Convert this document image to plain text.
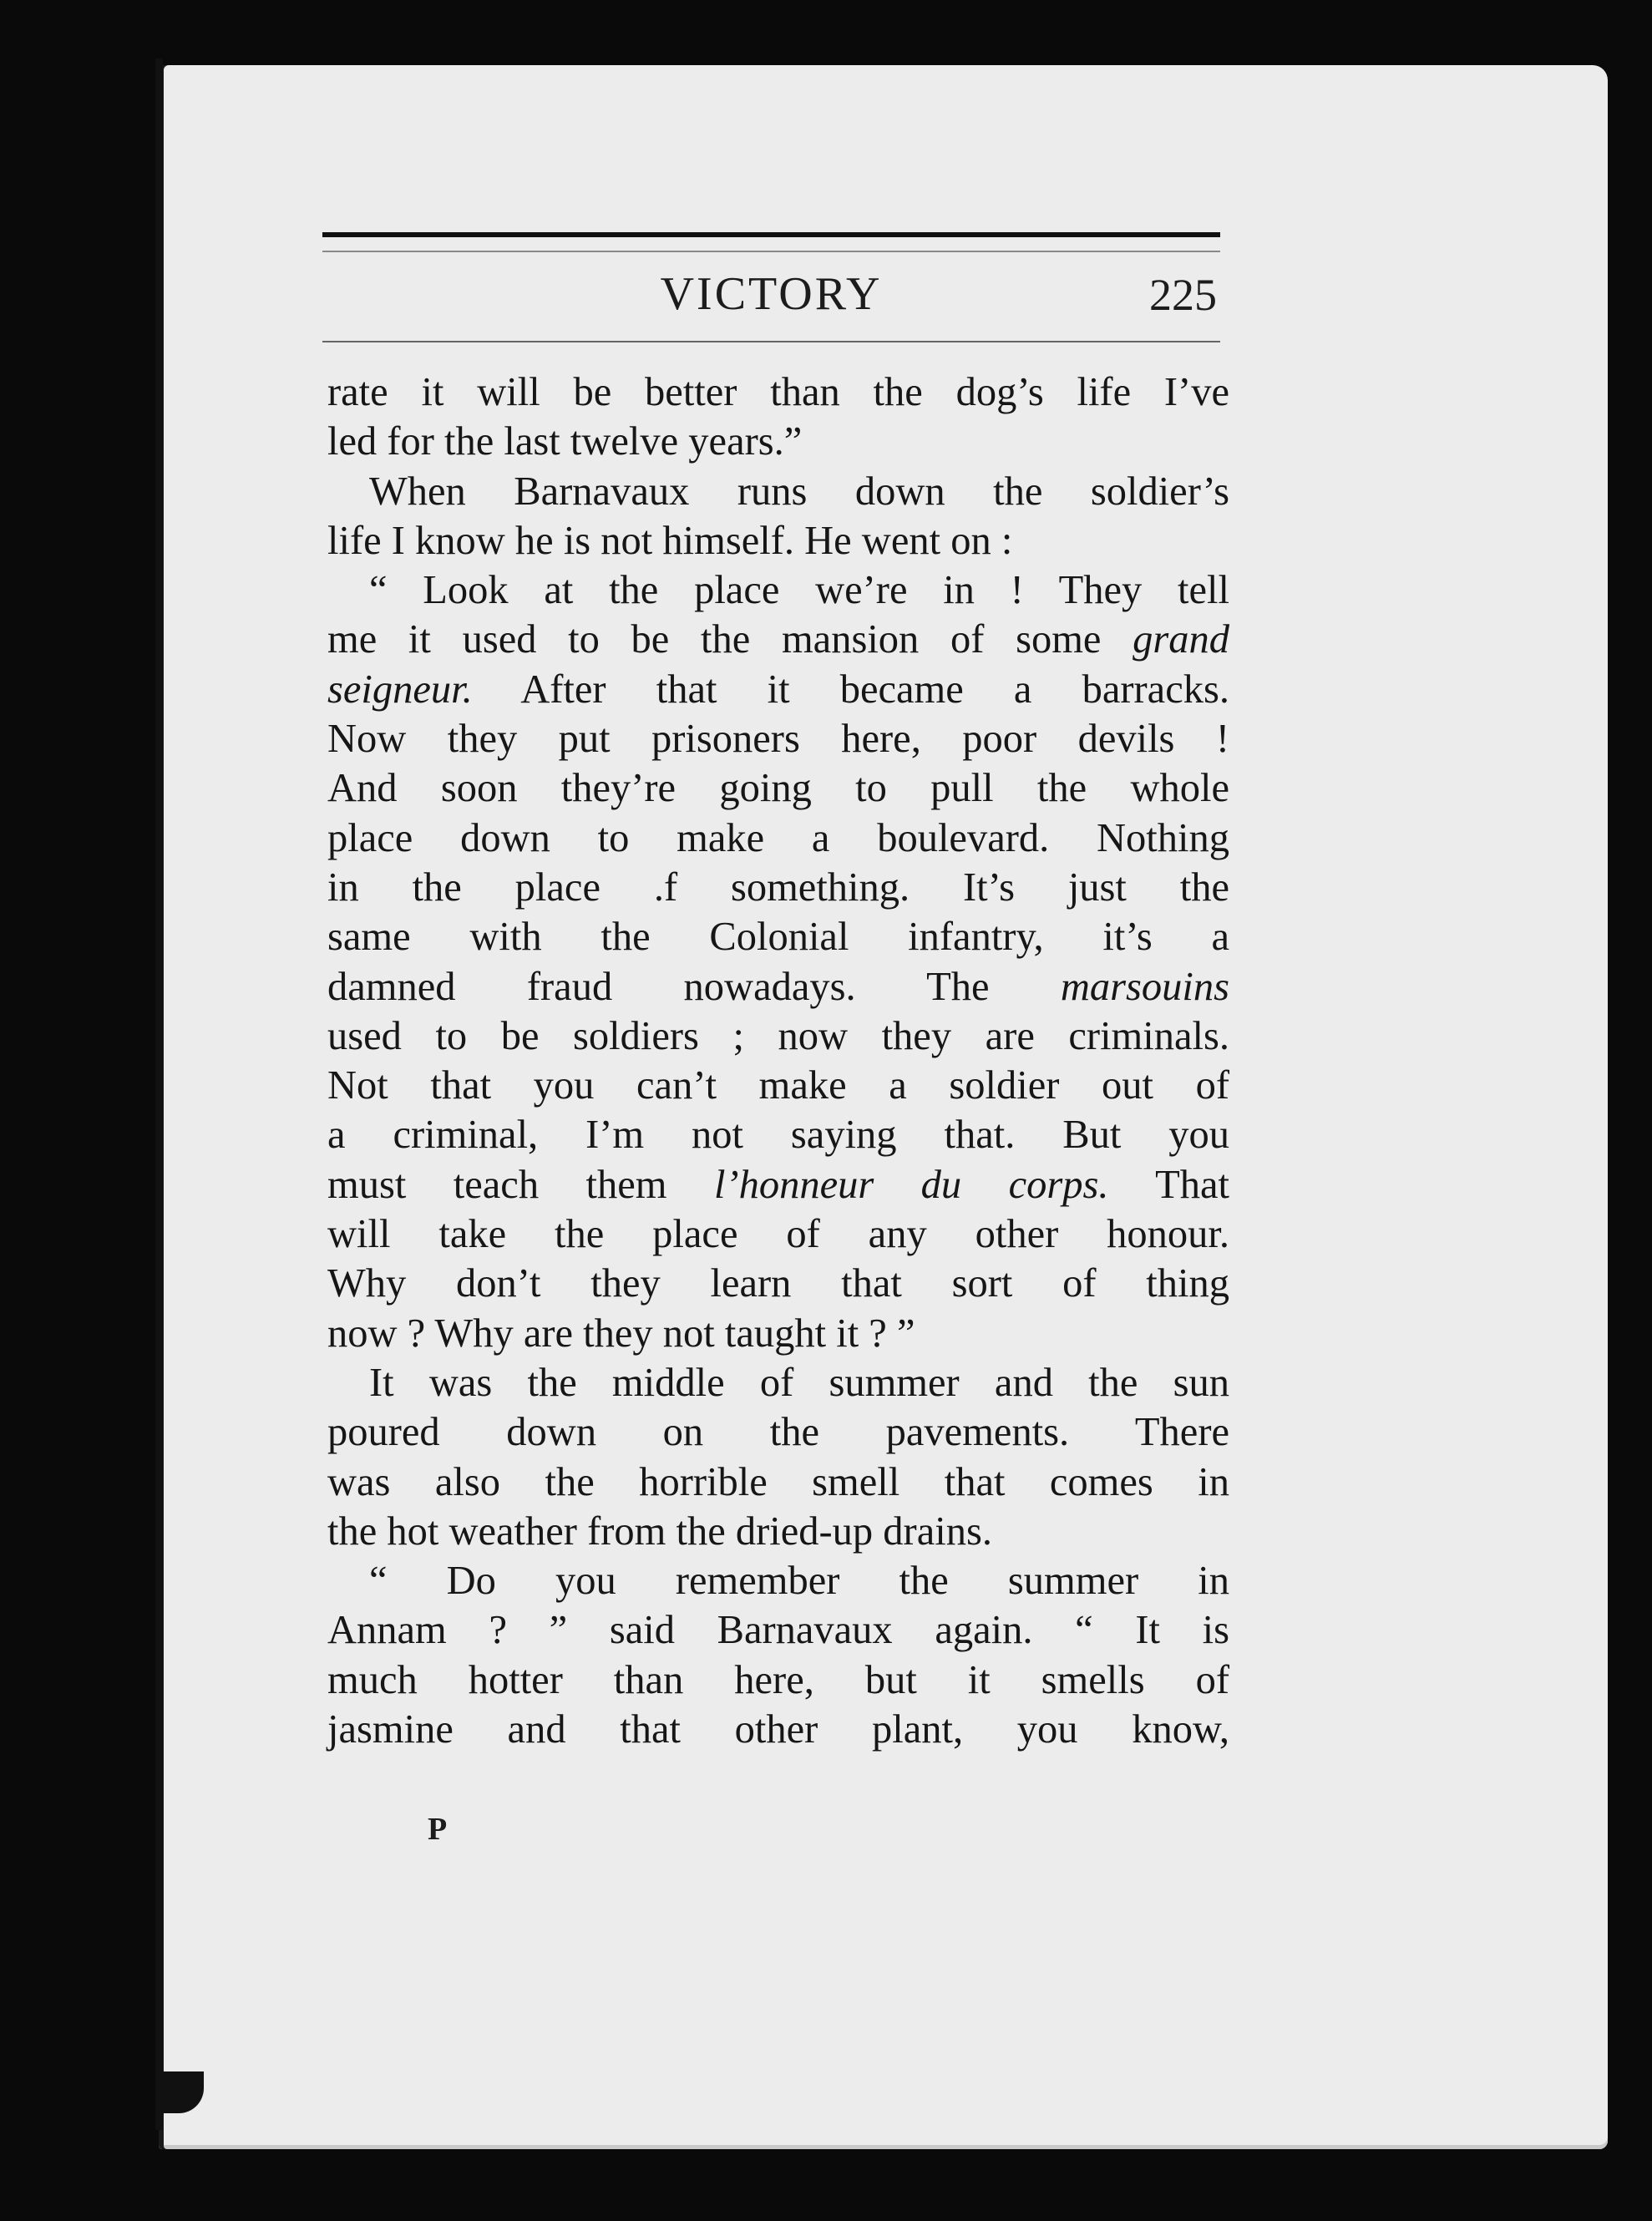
VICTORY	225
rate it will be better than the dog’s life I’ve
led for the last twelve years.”
When Barnavaux runs down the soldier’s
life I know he is not himself. He went on :
“ Look at the place we’re in ! They tell
me it used to be the mansion of some grand
seigneur. After that it became a barracks.
Now they put prisoners here, poor devils !
And soon they’re going to pull the whole
place down to make a boulevard. Nothing
in the place .f something. It’s just the
same with the Colonial infantry, it’s a
damned fraud nowadays. The marsouins
used to be soldiers ; now they are criminals.
Not that you can’t make a soldier out of
a criminal, I’m not saying that. But you
must teach them l’honneur du corps. That
will take the place of any other honour.
Why don’t they learn that sort of thing
now ? Why are they not taught it ? ”
It was the middle of summer and the sun
poured down on the pavements. There
was also the horrible smell that comes in
the hot weather from the dried-up drains.
“ Do you remember the summer in
Annam ? ” said Barnavaux again. “ It is
much hotter than here, but it smells of
jasmine and that other plant, you know,
P
